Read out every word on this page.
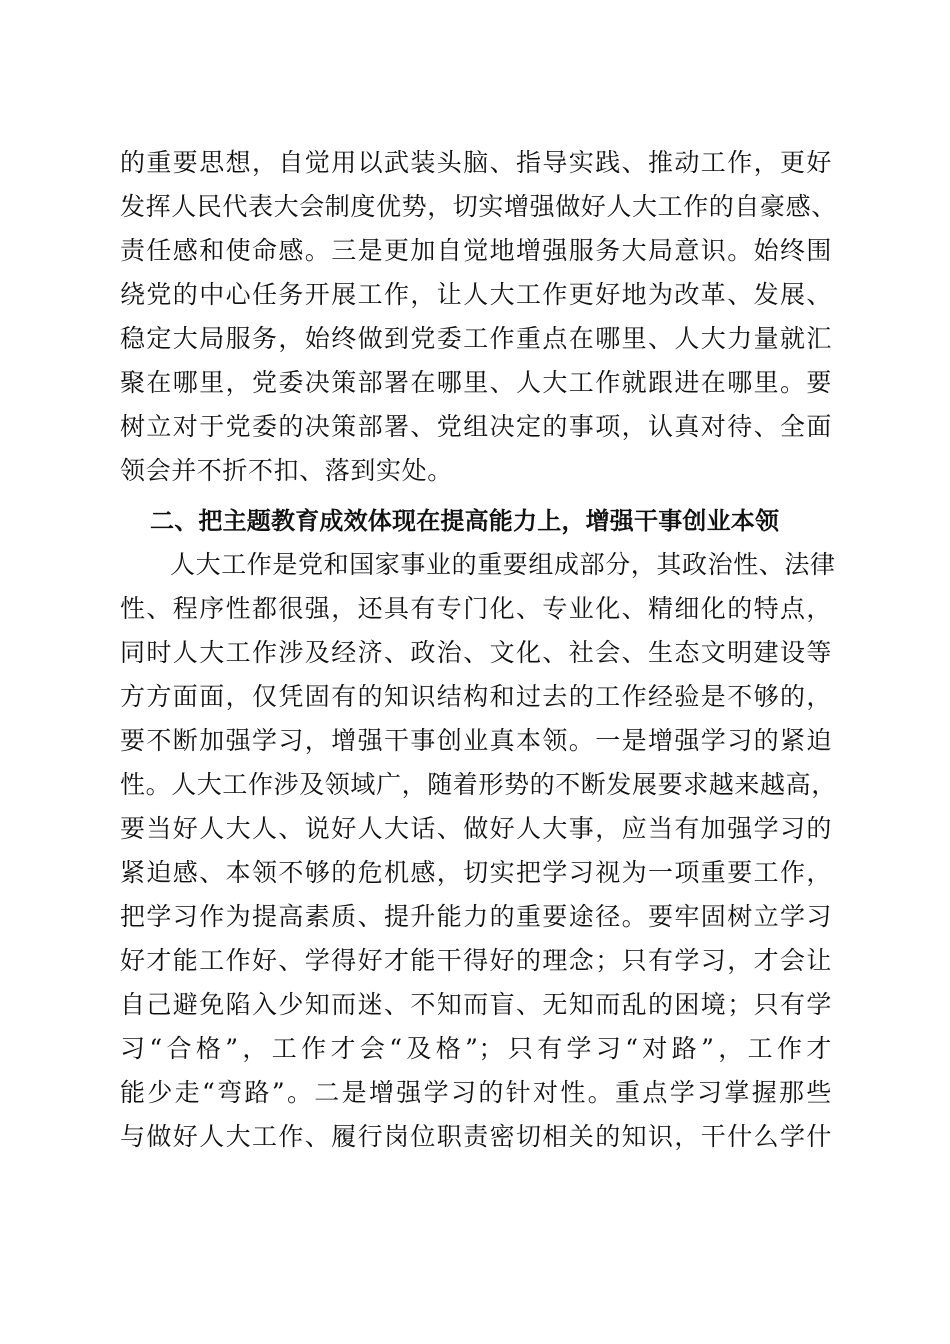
的重要思想，自觉用以武装头脑、指导实践、推动工作，更好
发挥人民代表大会制度优势，切实增强做好人大工作的自豪感、
责任感和使命感。三是更加自觉地增强服务大局意识。始终围
绕党的中心任务开展工作，让人大工作更好地为改革、发展、
稳定大局服务，始终做到党委工作重点在哪里、人大力量就汇
聚在哪里，党委决策部署在哪里、人大工作就跟进在哪里。要
树立对于党委的决策部署、党组决定的事项，认真对待、全面
领会并不折不扣、落到实处。
二、把主题教育成效体现在提高能力上，增强干事创业本领
人大工作是党和国家事业的重要组成部分，其政治性、法律
性、程序性都很强，还具有专门化、专业化、精细化的特点，
同时人大工作涉及经济、政治、文化、社会、生态文明建设等
方方面面，仅凭固有的知识结构和过去的工作经验是不够的，
要不断加强学习，增强干事创业真本领。一是增强学习的紧迫
性。人大工作涉及领域广，随着形势的不断发展要求越来越高，
要当好人大人、说好人大话、做好人大事，应当有加强学习的
紧迫感、本领不够的危机感，切实把学习视为一项重要工作，
把学习作为提高素质、提升能力的重要途径。要牢固树立学习
好才能工作好、学得好才能干得好的理念；只有学习，才会让
自己避免陷入少知而迷、不知而盲、无知而乱的困境；只有学
习“合格”，工作才会“及格”；只有学习“对路”，工作才
能少走“弯路”。二是增强学习的针对性。重点学习掌握那些
与做好人大工作、履行岗位职责密切相关的知识，干什么学什
